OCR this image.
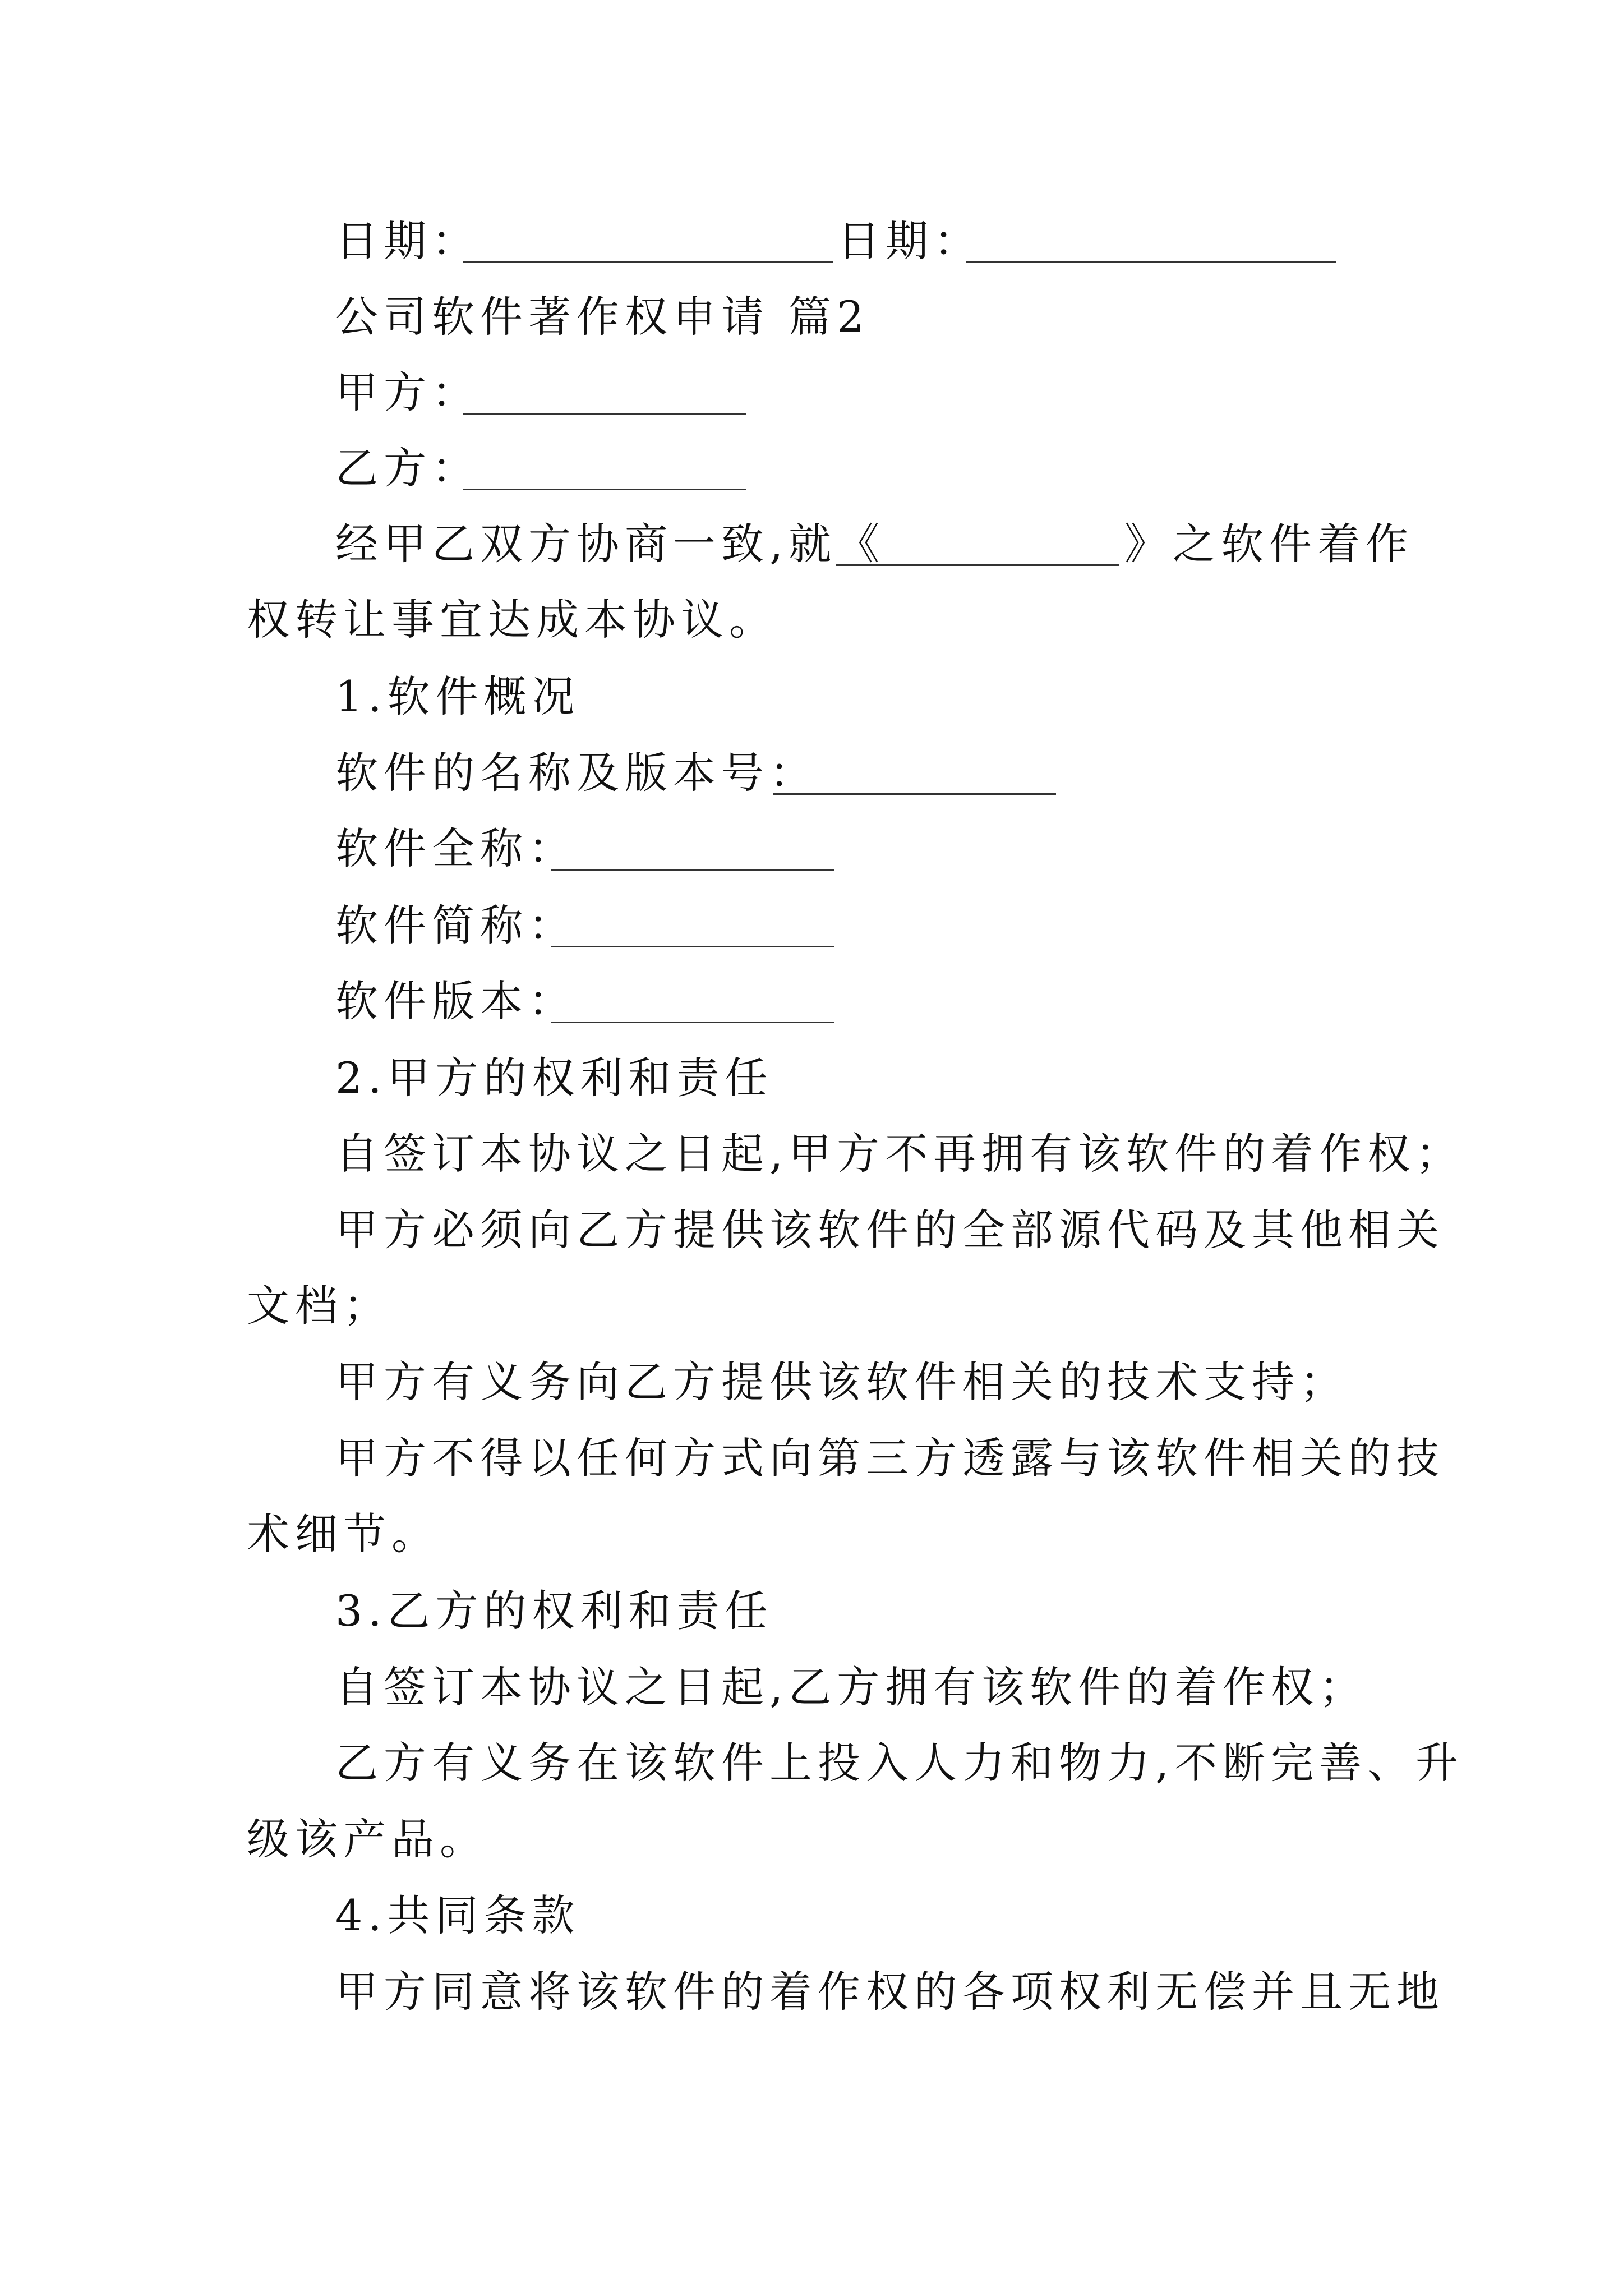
日期：	日期：
公司软件著作权申请 篇2
甲方：
乙方：
经甲乙双方协商一致,就《	》之软件着作
权转让事宜达成本协议。
1.软件概况
软件的名称及版本号：
软件全称：
软件简称：
软件版本：
2.甲方的权利和责任
自签订本协议之日起,甲方不再拥有该软件的着作权；
甲方必须向乙方提供该软件的全部源代码及其他相关
文档；
甲方有义务向乙方提供该软件相关的技术支持；
甲方不得以任何方式向第三方透露与该软件相关的技
术细节。
3.乙方的权利和责任
自签订本协议之日起,乙方拥有该软件的着作权；
乙方有义务在该软件上投入人力和物力,不断完善、升
级该产品。
4.共同条款
甲方同意将该软件的着作权的各项权利无偿并且无地
